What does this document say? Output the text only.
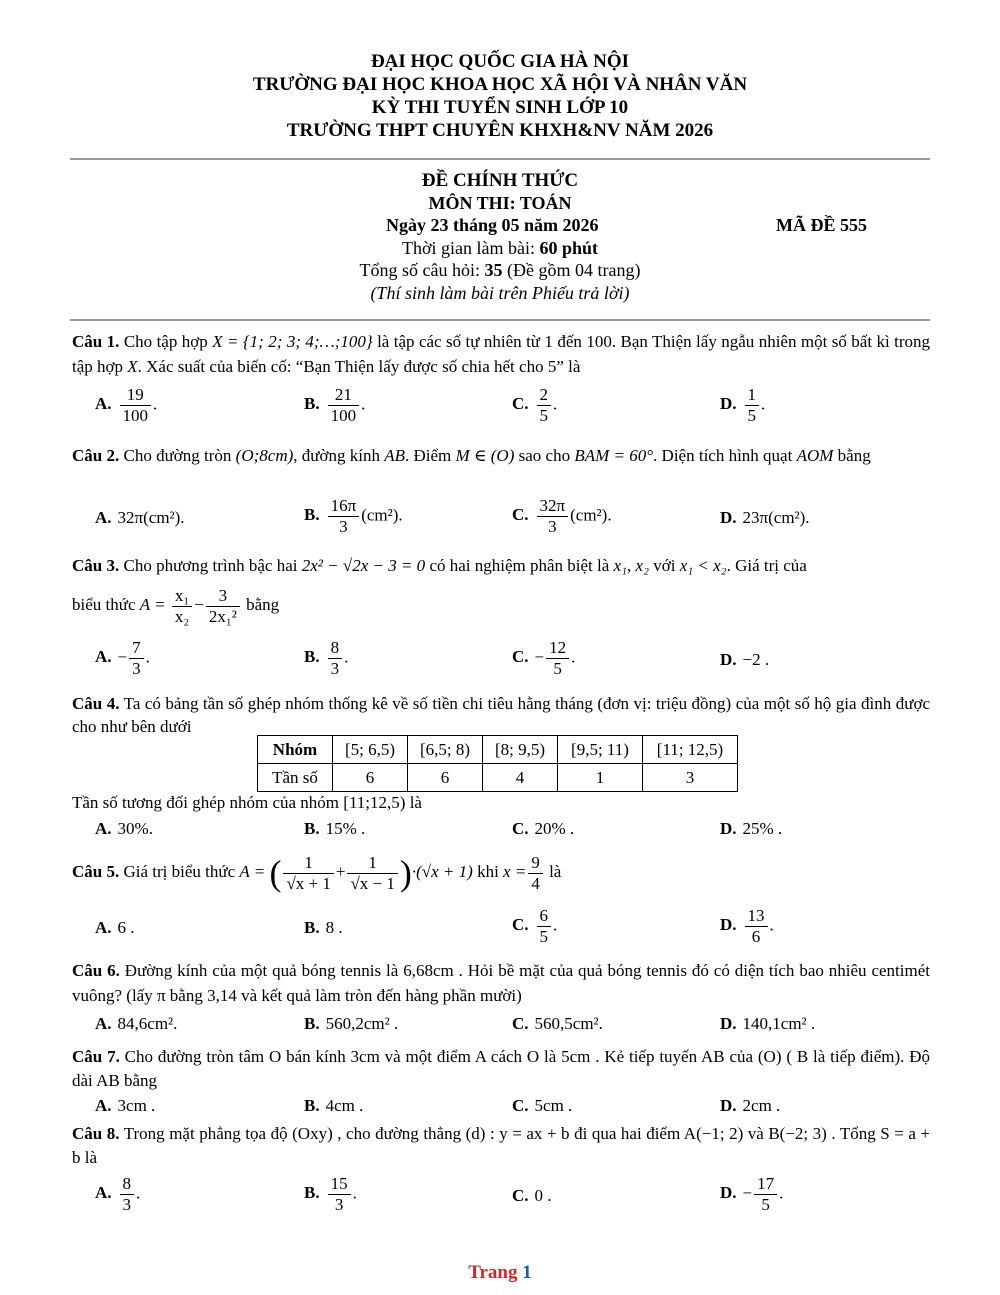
ĐẠI HỌC QUỐC GIA HÀ NỘI
TRƯỜNG ĐẠI HỌC KHOA HỌC XÃ HỘI VÀ NHÂN VĂN
KỲ THI TUYỂN SINH LỚP 10
TRƯỜNG THPT CHUYÊN KHXH&NV NĂM 2026
ĐỀ CHÍNH THỨC
MÔN THI: TOÁN
Ngày 23 tháng 05 năm 2026	MÃ ĐỀ 555
Thời gian làm bài: 60 phút
Tổng số câu hỏi: 35 (Đề gồm 04 trang)
(Thí sinh làm bài trên Phiếu trả lời)
Câu 1. Cho tập hợp X = {1; 2; 3; 4;…;100} là tập các số tự nhiên từ 1 đến 100. Bạn Thiện lấy ngẫu nhiên một số bất kì trong tập hợp X. Xác suất của biến cố: “Bạn Thiện lấy được số chia hết cho 5” là
A. $\frac{19}{100}$ .	B. $\frac{21}{100}$ .	C. $\frac{2}{5}$ .	D. $\frac{1}{5}$ .
Câu 2. Cho đường tròn (O;8cm), đường kính AB. Điểm M ∈ (O) sao cho BAM = 60°. Diện tích hình quạt AOM bằng
A. 32π(cm²).	B. $\frac{16\pi}{3} (cm^2)$.	C. $\frac{32\pi}{3} (cm^2)$.	D. 23π(cm²).
Câu 3. Cho phương trình bậc hai 2x² − √2x − 3 = 0 có hai nghiệm phân biệt là x₁, x₂ với x₁ < x₂. Giá trị của
biểu thức $A = \frac{\text{x₁}}{\text{x₂}} - \frac{3}{\text{2x₁²}}$ bằng
A. − $\frac{7}{3}$ .	B. $\frac{8}{3}$ .	C. − $\frac{12}{5}$ .	D. −2 .
Câu 4. Ta có bảng tần số ghép nhóm thống kê về số tiền chi tiêu hằng tháng (đơn vị: triệu đồng) của một số hộ gia đình được cho như bên dưới
Nhóm	[5; 6,5)	[6,5; 8)	[8; 9,5)	[9,5; 11)	[11; 12,5)
Tần số	6	6	4	1	3
Tần số tương đối ghép nhóm của nhóm [11;12,5) là
A. 30%.	B. 15% .	C. 20% .	D. 25% .
Câu 5. Giá trị biểu thức A = ( $\frac{1}{√x + 1} + \frac{1}{√x - 1} )\cdot(√x + 1)$ khi $x = \frac{9}{4}$ là
A. 6 .	B. 8 .	C. $\frac{6}{5}$ .	D. $\frac{13}{6}$ .
Câu 6. Đường kính của một quả bóng tennis là 6,68cm . Hỏi bề mặt của quả bóng tennis đó có diện tích bao nhiêu centimét vuông? (lấy π bằng 3,14 và kết quả làm tròn đến hàng phần mười)
A. 84,6cm².	B. 560,2cm² .	C. 560,5cm².	D. 140,1cm² .
Câu 7. Cho đường tròn tâm O bán kính 3cm và một điểm A cách O là 5cm . Kẻ tiếp tuyến AB của (O) ( B là tiếp điểm). Độ dài AB bằng
A. 3cm .	B. 4cm .	C. 5cm .	D. 2cm .
Câu 8. Trong mặt phẳng tọa độ (Oxy) , cho đường thẳng (d) : y = ax + b đi qua hai điểm A(−1; 2) và B(−2; 3) . Tổng S = a + b là
A. $\frac{8}{3}$ .	B. $\frac{15}{3}$ .	C. 0 .	D. − $\frac{17}{5}$ .
Trang 1
